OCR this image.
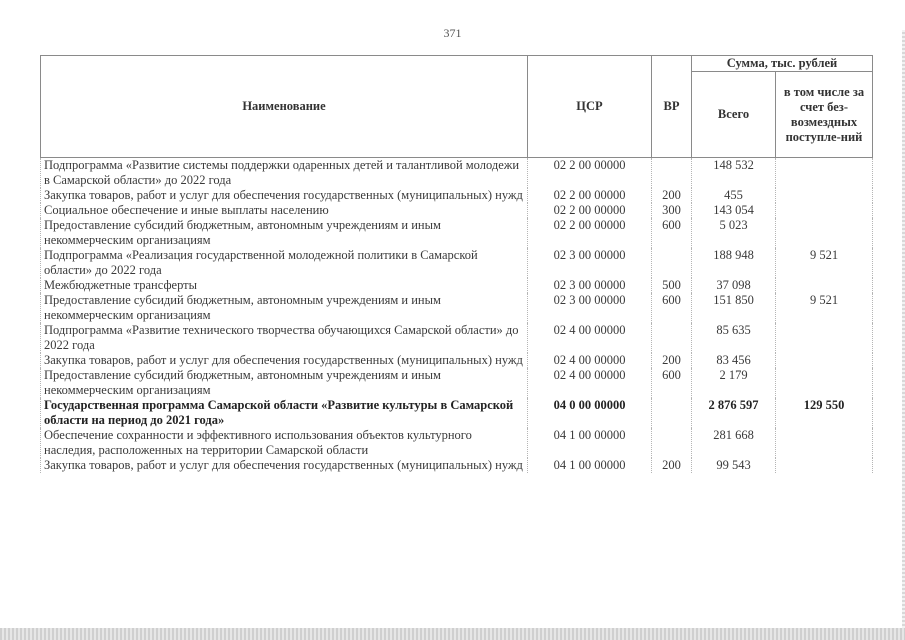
371
Наименование	ЦСР	ВР	Сумма, тыс. рублей	
			Всего	в том числе за счет без-возмездных поступле-ний
Подпрограмма «Развитие системы поддержки одаренных детей и талантливой молодежи в Самарской области» до 2022 года	02 2 00 00000		148 532	
Закупка товаров, работ и услуг для обеспечения государственных (муниципальных) нужд	02 2 00 00000	200	455	
Социальное обеспечение и иные выплаты населению	02 2 00 00000	300	143 054	
Предоставление субсидий бюджетным, автономным учреждениям и иным некоммерческим организациям	02 2 00 00000	600	5 023	
Подпрограмма «Реализация государственной молодежной политики в Самарской области» до 2022 года	02 3 00 00000		188 948	9 521
Межбюджетные трансферты	02 3 00 00000	500	37 098	
Предоставление субсидий бюджетным, автономным учреждениям и иным некоммерческим организациям	02 3 00 00000	600	151 850	9 521
Подпрограмма «Развитие технического творчества обучающихся Самарской области» до 2022 года	02 4 00 00000		85 635	
Закупка товаров, работ и услуг для обеспечения государственных (муниципальных) нужд	02 4 00 00000	200	83 456	
Предоставление субсидий бюджетным, автономным учреждениям и иным некоммерческим организациям	02 4 00 00000	600	2 179	
Государственная программа Самарской области «Развитие культуры в Самарской области на период до 2021 года»	04 0 00 00000		2 876 597	129 550
Обеспечение сохранности и эффективного использования объектов культурного наследия, расположенных на территории Самарской области	04 1 00 00000		281 668	
Закупка товаров, работ и услуг для обеспечения государственных (муниципальных) нужд	04 1 00 00000	200	99 543	
